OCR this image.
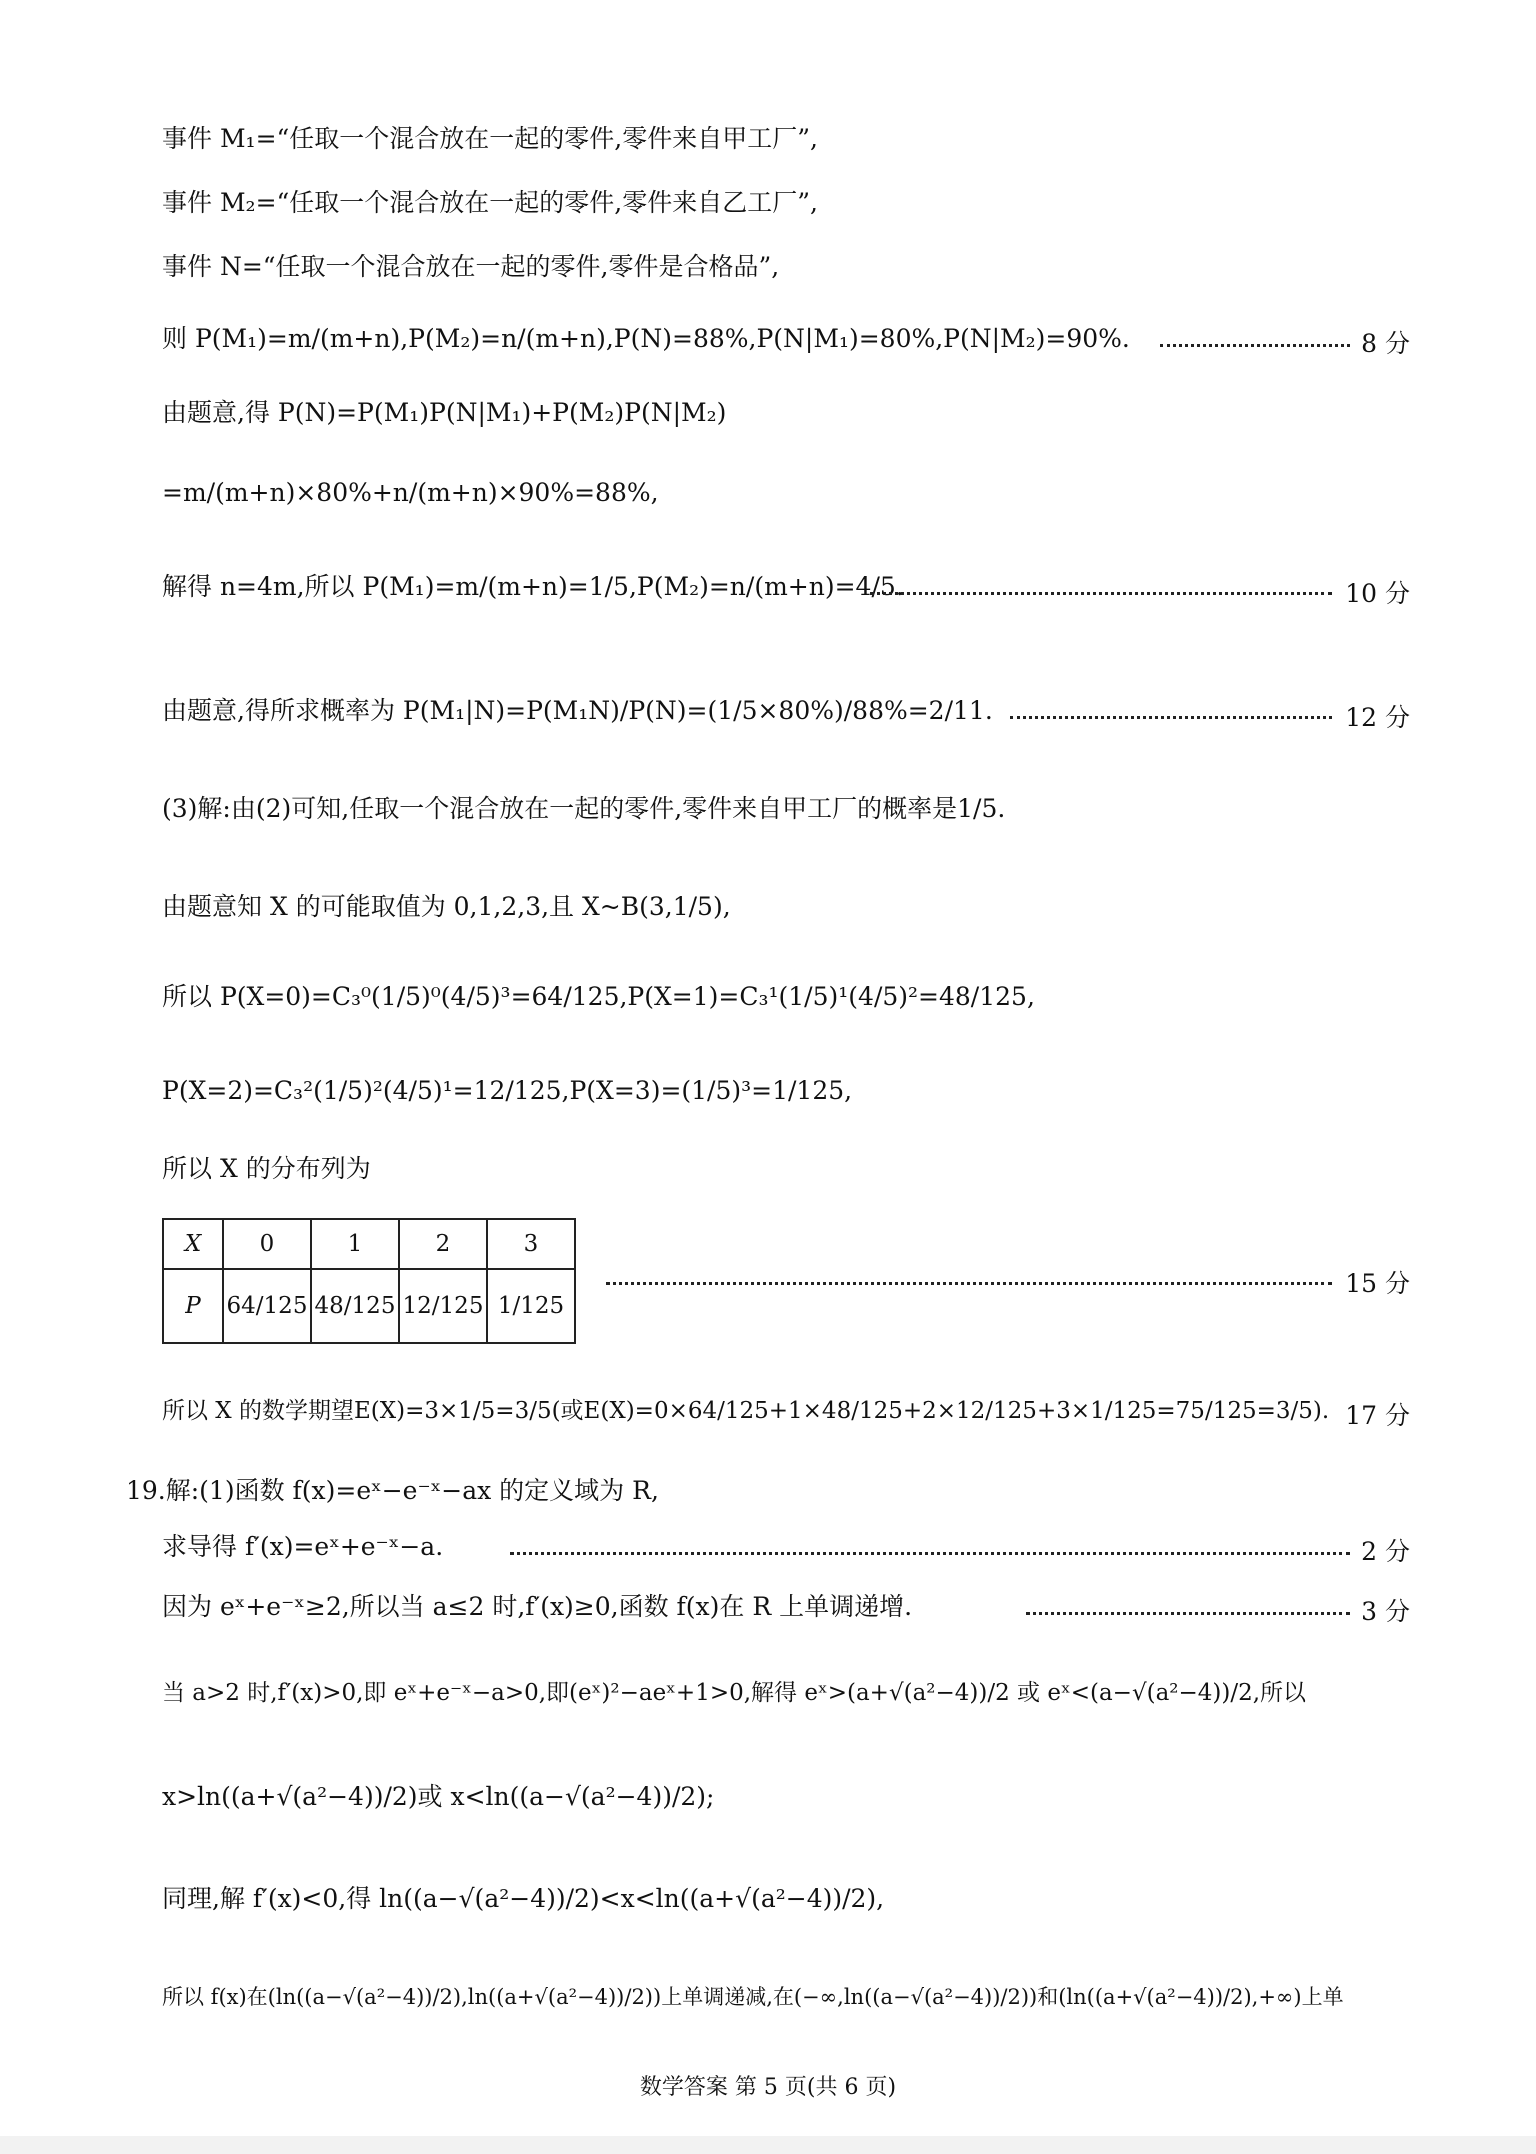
事件 M₁=“任取一个混合放在一起的零件,零件来自甲工厂”,
事件 M₂=“任取一个混合放在一起的零件,零件来自乙工厂”,
事件 N=“任取一个混合放在一起的零件,零件是合格品”,
则 P(M₁)=m/(m+n),P(M₂)=n/(m+n),P(N)=88%,P(N|M₁)=80%,P(N|M₂)=90%.	8 分
由题意,得 P(N)=P(M₁)P(N|M₁)+P(M₂)P(N|M₂)
=m/(m+n)×80%+n/(m+n)×90%=88%,
解得 n=4m,所以 P(M₁)=m/(m+n)=1/5,P(M₂)=n/(m+n)=4/5.	10 分
由题意,得所求概率为 P(M₁|N)=P(M₁N)/P(N)=(1/5×80%)/88%=2/11.	12 分
(3)解:由(2)可知,任取一个混合放在一起的零件,零件来自甲工厂的概率是1/5.
由题意知 X 的可能取值为 0,1,2,3,且 X~B(3,1/5),
所以 P(X=0)=C₃⁰(1/5)⁰(4/5)³=64/125,P(X=1)=C₃¹(1/5)¹(4/5)²=48/125,
P(X=2)=C₃²(1/5)²(4/5)¹=12/125,P(X=3)=(1/5)³=1/125,
所以 X 的分布列为
X	0	1	2	3
P	64/125	48/125	12/125	1/125
15 分
所以 X 的数学期望E(X)=3×1/5=3/5(或E(X)=0×64/125+1×48/125+2×12/125+3×1/125=75/125=3/5). 17 分
19.解:(1)函数 f(x)=eˣ−e⁻ˣ−ax 的定义域为 R,
求导得 f′(x)=eˣ+e⁻ˣ−a.	2 分
因为 eˣ+e⁻ˣ≥2,所以当 a≤2 时,f′(x)≥0,函数 f(x)在 R 上单调递增.	3 分
当 a>2 时,f′(x)>0,即 eˣ+e⁻ˣ−a>0,即(eˣ)²−aeˣ+1>0,解得 eˣ>(a+√(a²−4))/2 或 eˣ<(a−√(a²−4))/2,所以
x>ln((a+√(a²−4))/2)或 x<ln((a−√(a²−4))/2);
同理,解 f′(x)<0,得 ln((a−√(a²−4))/2)<x<ln((a+√(a²−4))/2),
所以 f(x)在(ln((a−√(a²−4))/2),ln((a+√(a²−4))/2))上单调递减,在(−∞,ln((a−√(a²−4))/2))和(ln((a+√(a²−4))/2),+∞)上单
数学答案 第 5 页(共 6 页)
